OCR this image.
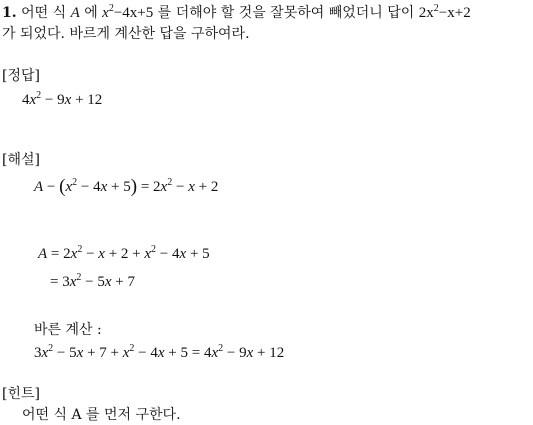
1. 어떤 식 A 에 $x^2-4x+5$ 를 더해야 할 것을 잘못하여 빼었더니 답이 $2x^2-x+2$
가 되었다. 바르게 계산한 답을 구하여라.
[정답]
$4x^2 - 9x + 12$
[해설]
$A - (x^2 - 4x + 5) = 2x^2 - x + 2$
$A = 2x^2 - x + 2 + x^2 - 4x + 5$
= $3x^2 - 5x + 7$
바른 계산 :
$3x^2 - 5x + 7 + x^2 - 4x + 5 = 4x^2 - 9x + 12$
[힌트]
어떤 식 A 를 먼저 구한다.
